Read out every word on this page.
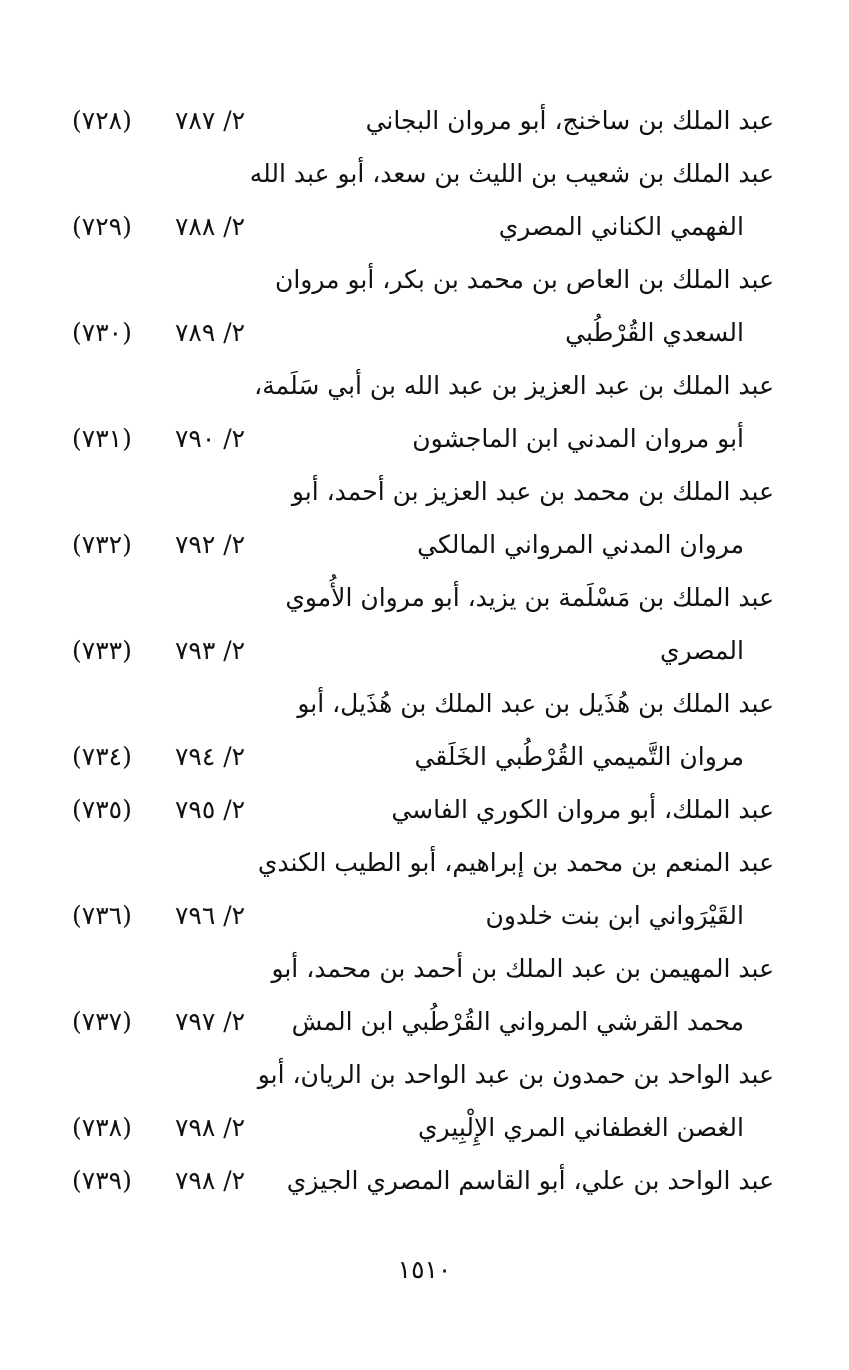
عبد الملك بن ساخنج، أبو مروان البجاني
٢/ ٧٨٧
(٧٢٨)
عبد الملك بن شعيب بن الليث بن سعد، أبو عبد الله
الفهمي الكناني المصري
٢/ ٧٨٨
(٧٢٩)
عبد الملك بن العاص بن محمد بن بكر، أبو مروان
السعدي القُرْطُبي
٢/ ٧٨٩
(٧٣٠)
عبد الملك بن عبد العزيز بن عبد الله بن أبي سَلَمة،
أبو مروان المدني ابن الماجشون
٢/ ٧٩٠
(٧٣١)
عبد الملك بن محمد بن عبد العزيز بن أحمد، أبو
مروان المدني المرواني المالكي
٢/ ٧٩٢
(٧٣٢)
عبد الملك بن مَسْلَمة بن يزيد، أبو مروان الأُموي
المصري
٢/ ٧٩٣
(٧٣٣)
عبد الملك بن هُذَيل بن عبد الملك بن هُذَيل، أبو
مروان التَّميمي القُرْطُبي الخَلَقي
٢/ ٧٩٤
(٧٣٤)
عبد الملك، أبو مروان الكوري الفاسي
٢/ ٧٩٥
(٧٣٥)
عبد المنعم بن محمد بن إبراهيم، أبو الطيب الكندي
القَيْرَواني ابن بنت خلدون
٢/ ٧٩٦
(٧٣٦)
عبد المهيمن بن عبد الملك بن أحمد بن محمد، أبو
محمد القرشي المرواني القُرْطُبي ابن المش
٢/ ٧٩٧
(٧٣٧)
عبد الواحد بن حمدون بن عبد الواحد بن الريان، أبو
الغصن الغطفاني المري الإِلْبِيري
٢/ ٧٩٨
(٧٣٨)
عبد الواحد بن علي، أبو القاسم المصري الجيزي
٢/ ٧٩٨
(٧٣٩)
١٥١٠
